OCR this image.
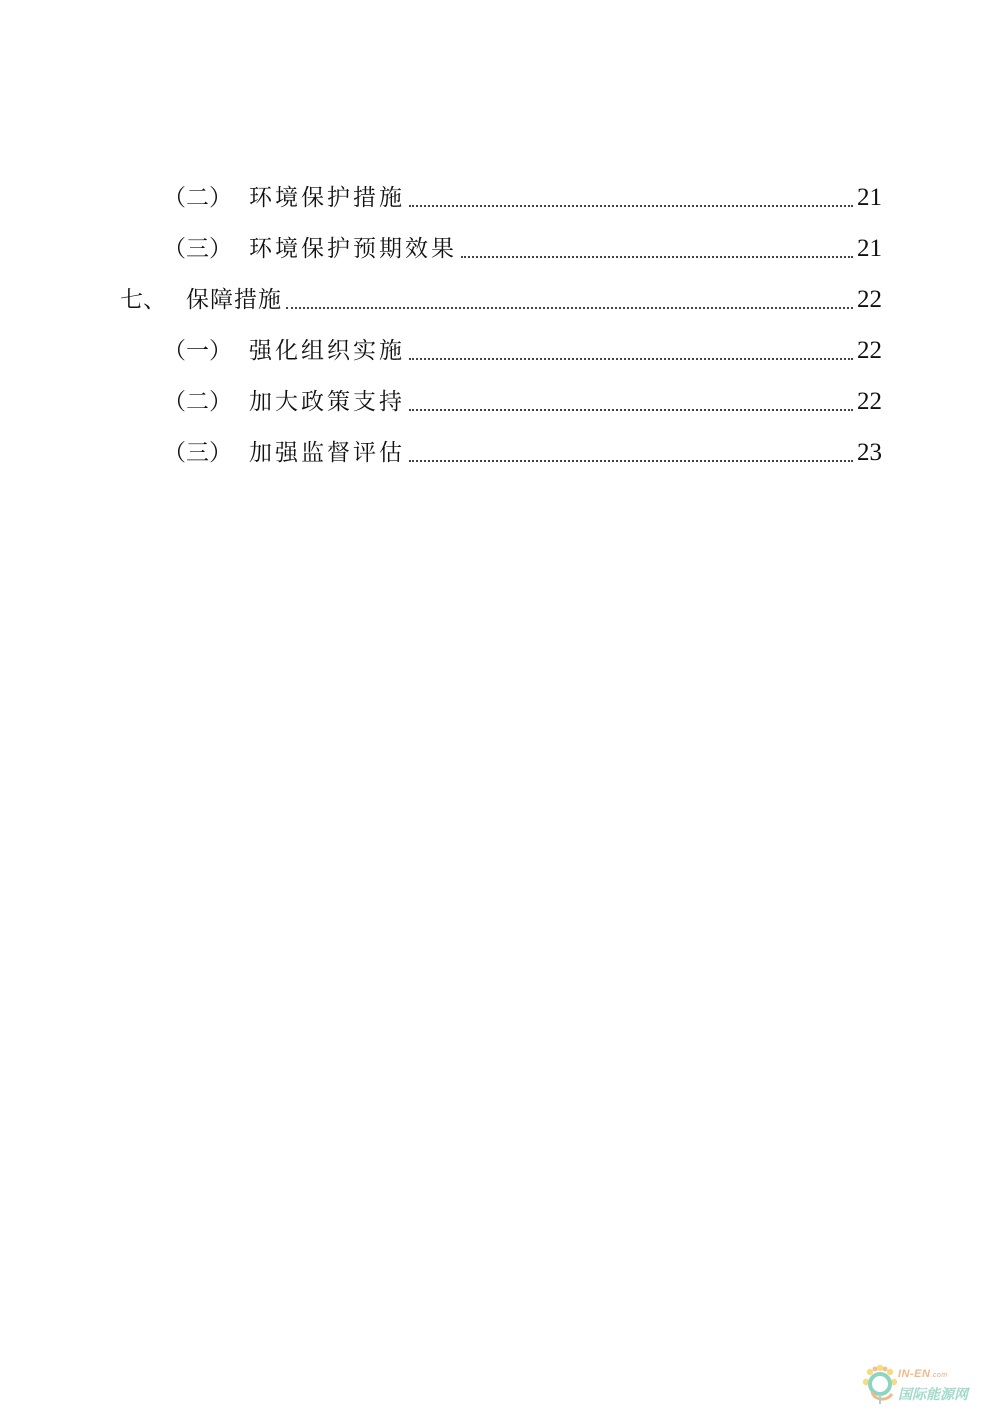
（二） 环境保护措施	21
（三） 环境保护预期效果	21
七、 保障措施	22
（一） 强化组织实施	22
（二） 加大政策支持	22
（三） 加强监督评估	23
IN-EN.com
国际能源网
